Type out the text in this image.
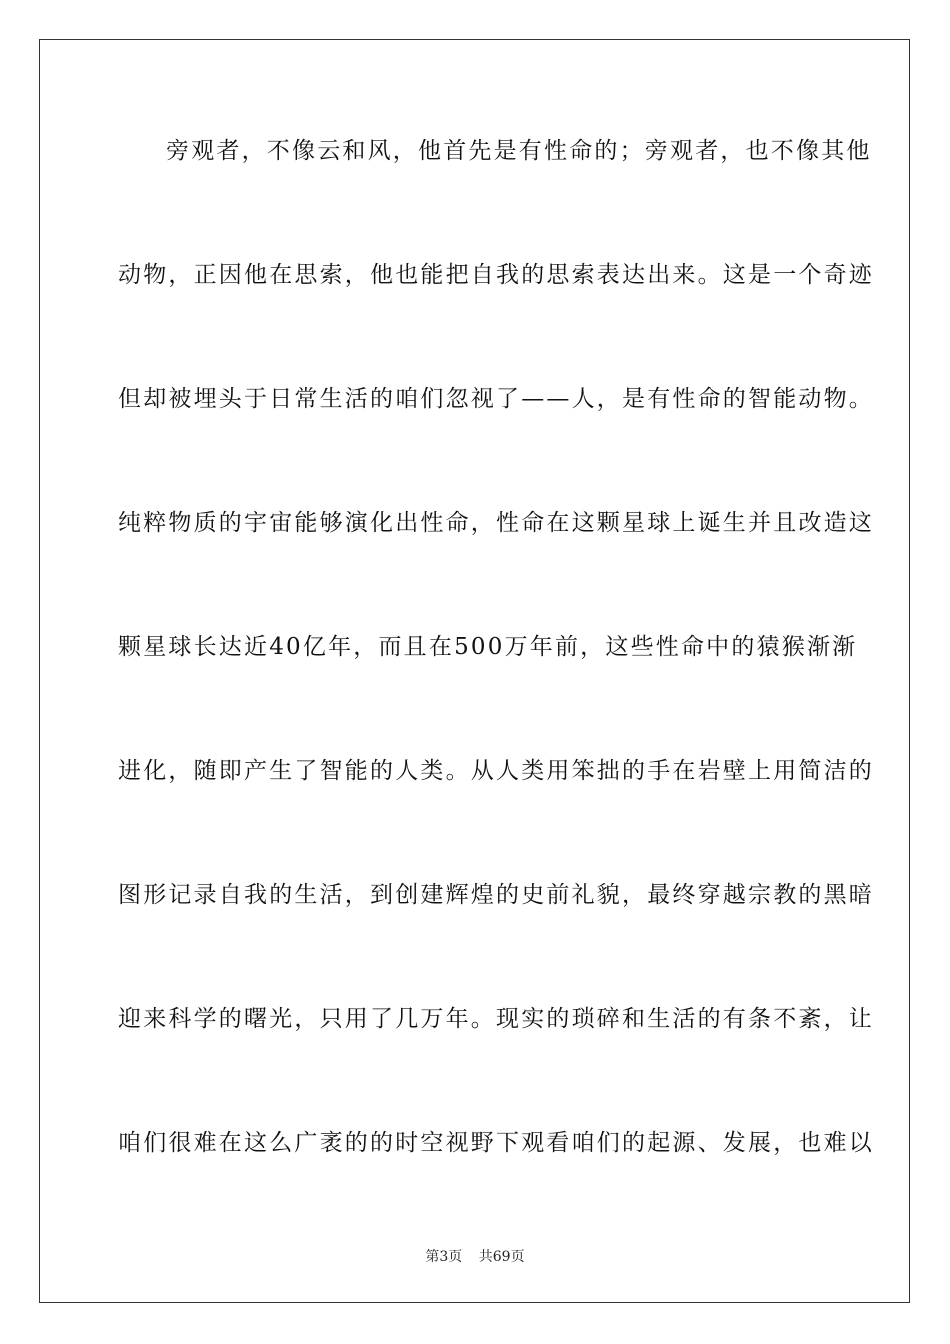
旁观者，不像云和风，他首先是有性命的；旁观者，也不像其他
动物，正因他在思索，他也能把自我的思索表达出来。这是一个奇迹
但却被埋头于日常生活的咱们忽视了——人，是有性命的智能动物。
纯粹物质的宇宙能够演化出性命，性命在这颗星球上诞生并且改造这
颗星球长达近40亿年，而且在500万年前，这些性命中的猿猴渐渐
进化，随即产生了智能的人类。从人类用笨拙的手在岩壁上用简洁的
图形记录自我的生活，到创建辉煌的史前礼貌，最终穿越宗教的黑暗
迎来科学的曙光，只用了几万年。现实的琐碎和生活的有条不紊，让
咱们很难在这么广袤的的时空视野下观看咱们的起源、发展，也难以
第3页 共69页
